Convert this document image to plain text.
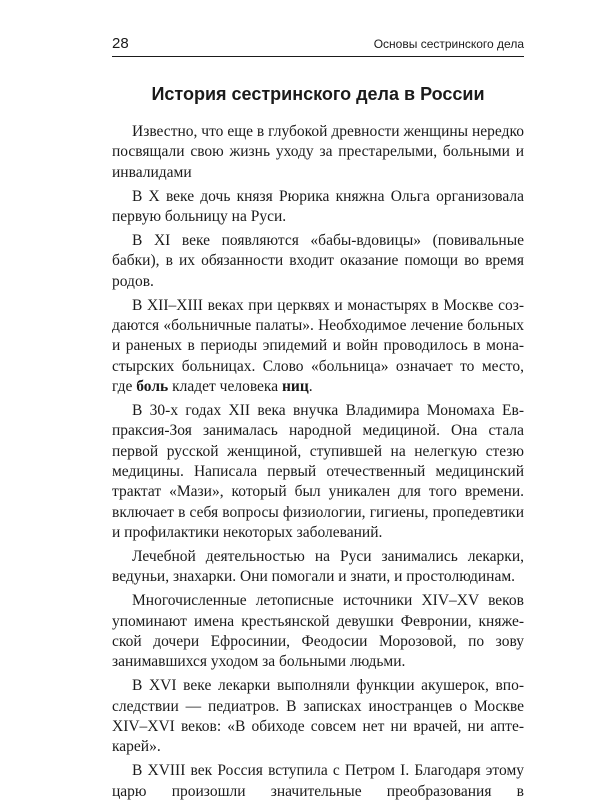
28	Основы сестринского дела
История сестринского дела в России

Известно, что еще в глубокой древности женщины нередко
посвящали свою жизнь уходу за престарелыми, больными и
инвалидами

В X веке дочь князя Рюрика княжна Ольга организовала
первую больницу на Руси.

В XI веке появляются «бабы-вдовицы» (повивальные
бабки), в их обязанности входит оказание помощи во время
родов.

В XII–XIII веках при церквях и монастырях в Москве соз-
даются «больничные палаты». Необходимое лечение больных
и раненых в периоды эпидемий и войн проводилось в мона-
стырских больницах. Слово «больница» означает то место,
где боль кладет человека ниц.

В 30-х годах XII века внучка Владимира Мономаха Ев-
праксия-Зоя занималась народной медициной. Она стала
первой русской женщиной, ступившей на нелегкую стезю
медицины. Написала первый отечественный медицинский
трактат «Мази», который был уникален для того времени.
включает в себя вопросы физиологии, гигиены, пропедевтики
и профилактики некоторых заболеваний.

Лечебной деятельностью на Руси занимались лекарки,
ведуньи, знахарки. Они помогали и знати, и простолюдинам.

Многочисленные летописные источники XIV–XV веков
упоминают имена крестьянской девушки Февронии, княже-
ской дочери Ефросинии, Феодосии Морозовой, по зову
занимавшихся уходом за больными людьми.

В XVI веке лекарки выполняли функции акушерок, впо-
следствии — педиатров. В записках иностранцев о Москве
XIV–XVI веков: «В обиходе совсем нет ни врачей, ни апте-
карей».

В XVIII век Россия вступила с Петром I. Благодаря этому
царю произошли значительные преобразования в
